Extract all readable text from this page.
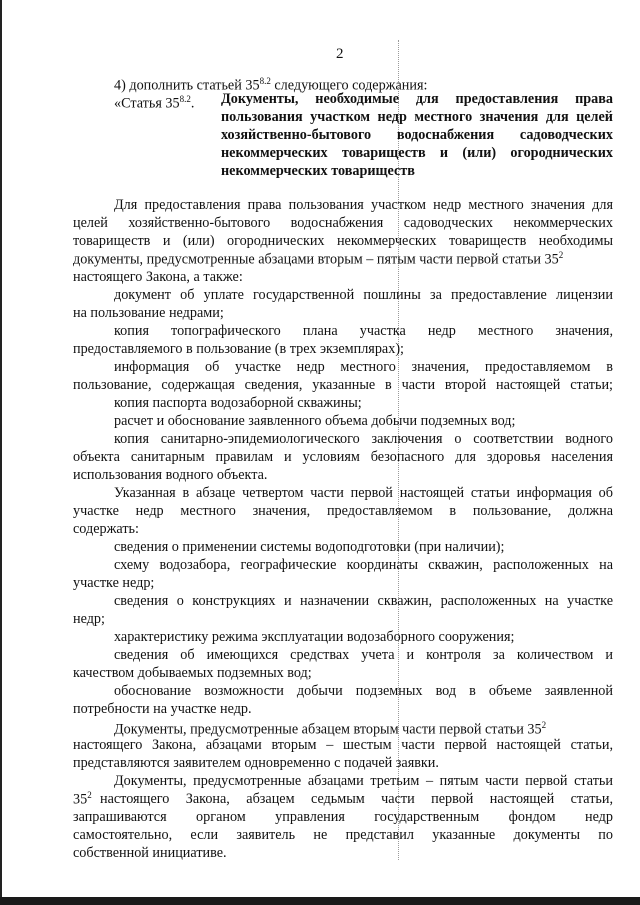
2

4) дополнить статьей $35^{8.2}$ следующего содержания:

«Статья $35^{8.2}$. Документы, необходимые для предоставления права
пользования участком недр местного значения для целей
хозяйственно-бытового водоснабжения садоводческих
некоммерческих товариществ и (или) огороднических
некоммерческих товариществ

Для предоставления права пользования участком недр местного значения для

целей хозяйственно-бытового водоснабжения садоводческих некоммерческих

товариществ и (или) огороднических некоммерческих товариществ необходимы

документы, предусмотренные абзацами вторым – пятым части первой статьи $35^2$

настоящего Закона, а также:

документ об уплате государственной пошлины за предоставление лицензии

на пользование недрами;

копия топографического плана участка недр местного значения,

предоставляемого в пользование (в трех экземплярах);

информация об участке недр местного значения, предоставляемом в

пользование, содержащая сведения, указанные в части второй настоящей статьи;

копия паспорта водозаборной скважины;

расчет и обоснование заявленного объема добычи подземных вод;

копия санитарно-эпидемиологического заключения о соответствии водного

объекта санитарным правилам и условиям безопасного для здоровья населения

использования водного объекта.

Указанная в абзаце четвертом части первой настоящей статьи информация об

участке недр местного значения, предоставляемом в пользование, должна

содержать:

сведения о применении системы водоподготовки (при наличии);

схему водозабора, географические координаты скважин, расположенных на

участке недр;

сведения о конструкциях и назначении скважин, расположенных на участке

недр;

характеристику режима эксплуатации водозаборного сооружения;

сведения об имеющихся средствах учета и контроля за количеством и

качеством добываемых подземных вод;

обоснование возможности добычи подземных вод в объеме заявленной

потребности на участке недр.

Документы, предусмотренные абзацем вторым части первой статьи $35^2$

настоящего Закона, абзацами вторым – шестым части первой настоящей статьи,

представляются заявителем одновременно с подачей заявки.

Документы, предусмотренные абзацами третьим – пятым части первой статьи

$35^2$ настоящего Закона, абзацем седьмым части первой настоящей статьи,

запрашиваются органом управления государственным фондом недр

самостоятельно, если заявитель не представил указанные документы по

собственной инициативе.
